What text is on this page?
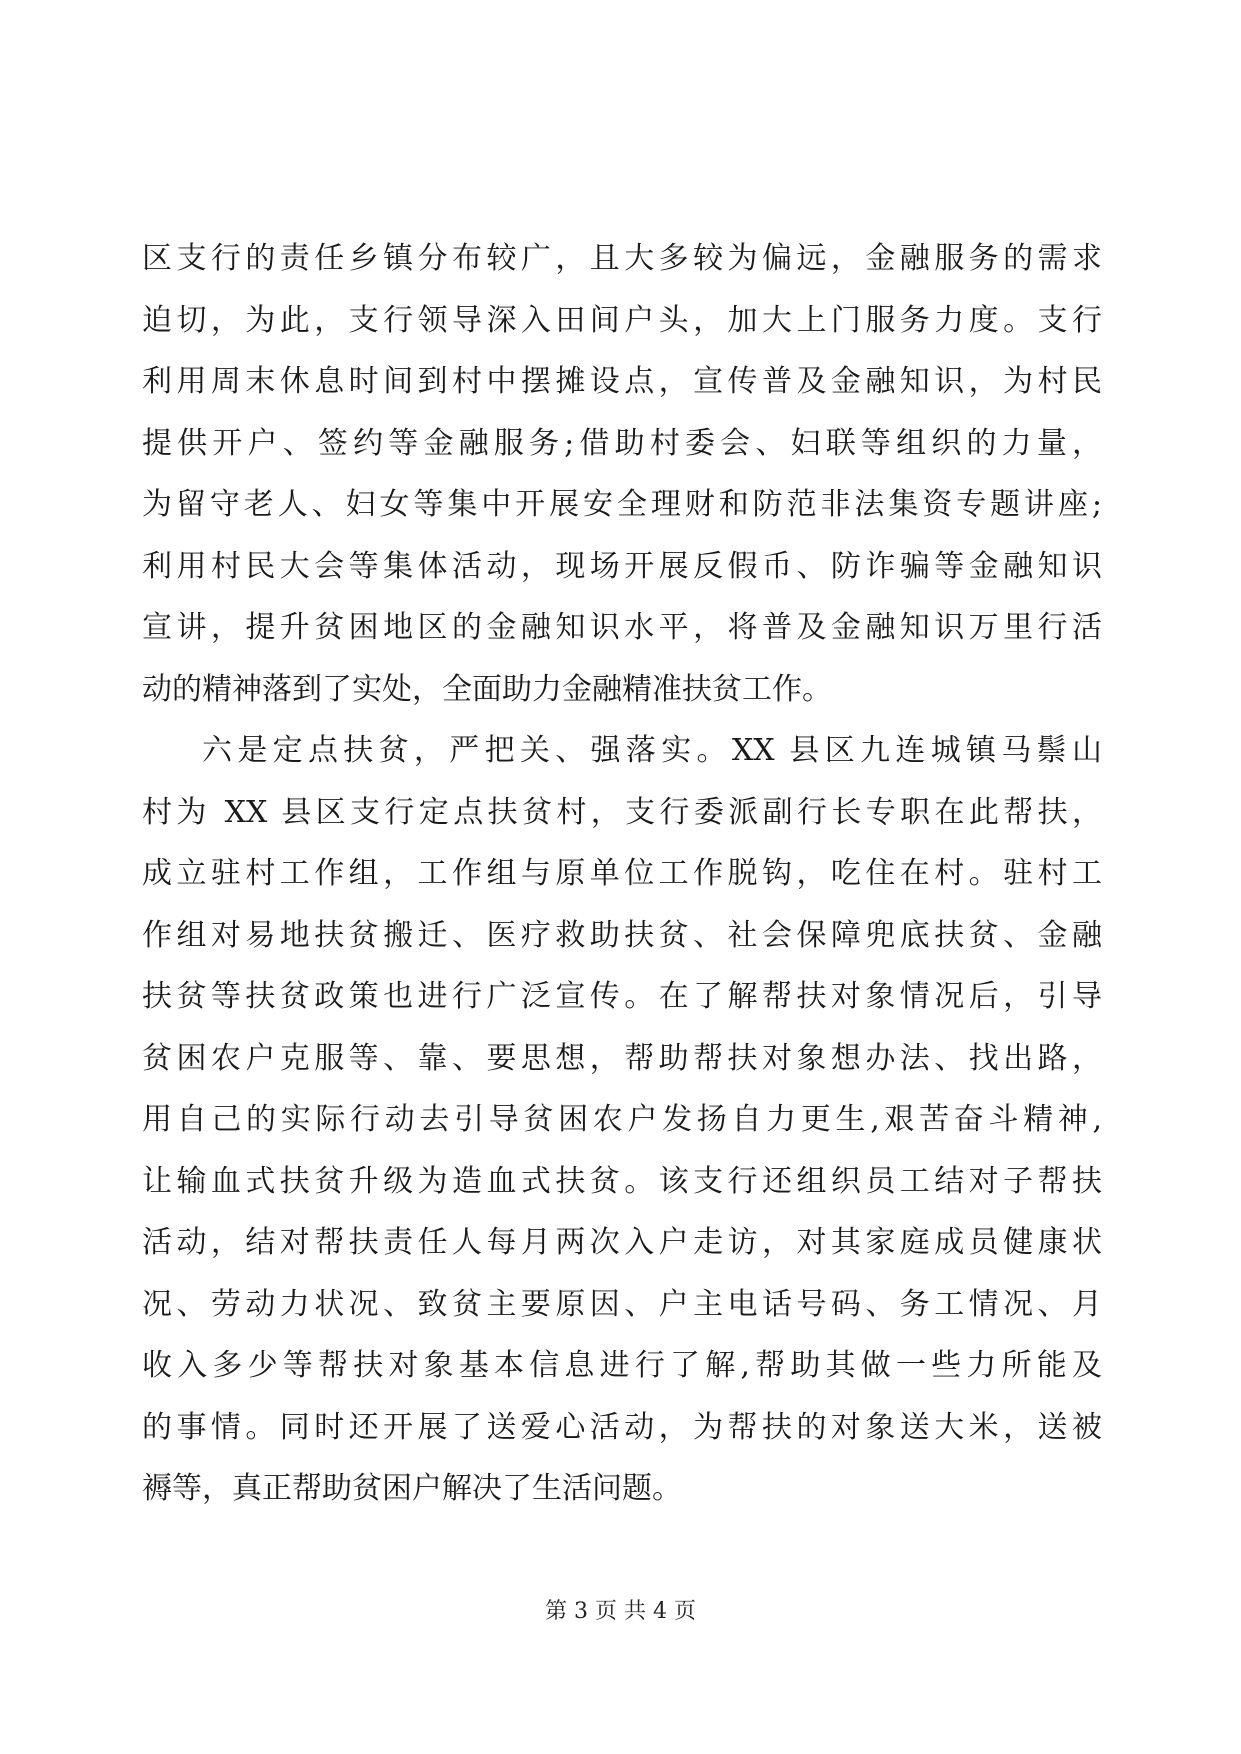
区支行的责任乡镇分布较广，且大多较为偏远，金融服务的需求
迫切，为此，支行领导深入田间户头，加大上门服务力度。支行
利用周末休息时间到村中摆摊设点，宣传普及金融知识，为村民
提供开户、签约等金融服务;借助村委会、妇联等组织的力量，
为留守老人、妇女等集中开展安全理财和防范非法集资专题讲座;
利用村民大会等集体活动，现场开展反假币、防诈骗等金融知识
宣讲，提升贫困地区的金融知识水平，将普及金融知识万里行活
动的精神落到了实处，全面助力金融精准扶贫工作。
六是定点扶贫，严把关、强落实。XX 县区九连城镇马鬃山
村为 XX 县区支行定点扶贫村，支行委派副行长专职在此帮扶，
成立驻村工作组，工作组与原单位工作脱钩，吃住在村。驻村工
作组对易地扶贫搬迁、医疗救助扶贫、社会保障兜底扶贫、金融
扶贫等扶贫政策也进行广泛宣传。在了解帮扶对象情况后，引导
贫困农户克服等、靠、要思想，帮助帮扶对象想办法、找出路，
用自己的实际行动去引导贫困农户发扬自力更生,艰苦奋斗精神,
让输血式扶贫升级为造血式扶贫。该支行还组织员工结对子帮扶
活动，结对帮扶责任人每月两次入户走访，对其家庭成员健康状
况、劳动力状况、致贫主要原因、户主电话号码、务工情况、月
收入多少等帮扶对象基本信息进行了解,帮助其做一些力所能及
的事情。同时还开展了送爱心活动，为帮扶的对象送大米，送被
褥等，真正帮助贫困户解决了生活问题。
第 3 页 共 4 页
